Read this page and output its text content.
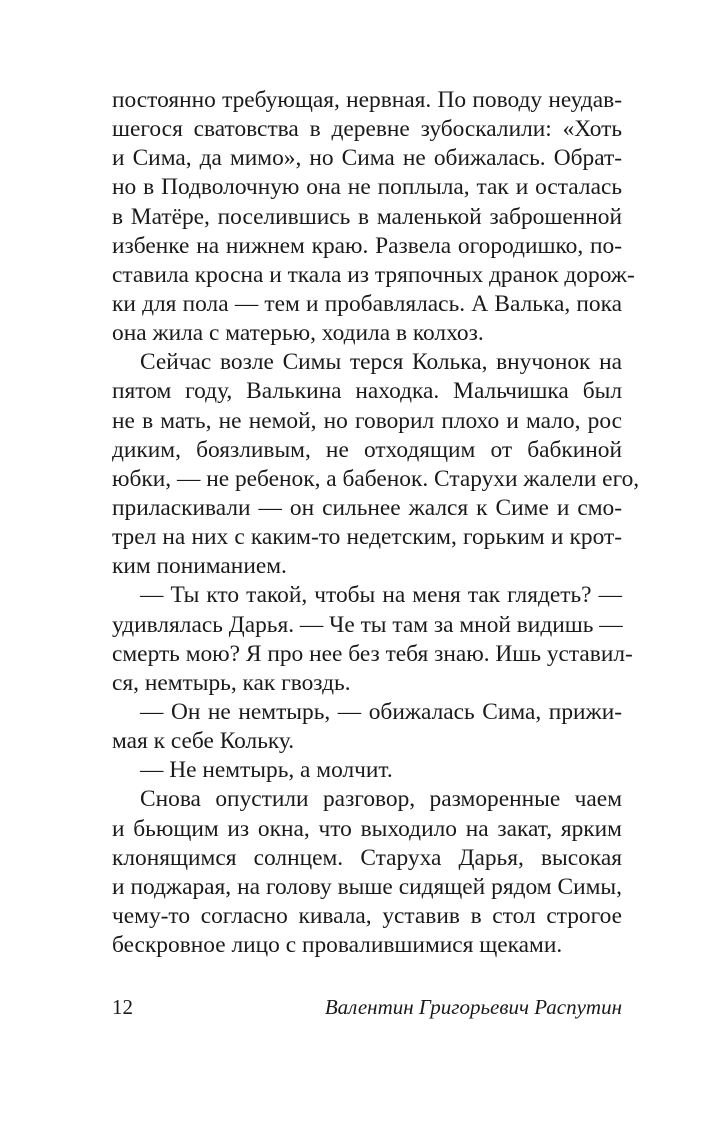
постоянно требующая, нервная. По поводу неудав-
шегося сватовства в деревне зубоскалили: «Хоть
и Сима, да мимо», но Сима не обижалась. Обрат-
но в Подволочную она не поплыла, так и осталась
в Матёре, поселившись в маленькой заброшенной
избенке на нижнем краю. Развела огородишко, по-
ставила кросна и ткала из тряпочных дранок дорож-
ки для пола — тем и пробавлялась. А Валька, пока
она жила с матерью, ходила в колхоз.
Сейчас возле Симы терся Колька, внучонок на
пятом году, Валькина находка. Мальчишка был
не в мать, не немой, но говорил плохо и мало, рос
диким, боязливым, не отходящим от бабкиной
юбки, — не ребенок, а бабенок. Старухи жалели его,
приласкивали — он сильнее жался к Симе и смо-
трел на них с каким-то недетским, горьким и крот-
ким пониманием.
— Ты кто такой, чтобы на меня так глядеть? —
удивлялась Дарья. — Че ты там за мной видишь —
смерть мою? Я про нее без тебя знаю. Ишь уставил-
ся, немтырь, как гвоздь.
— Он не немтырь, — обижалась Сима, прижи-
мая к себе Кольку.
— Не немтырь, а молчит.
Снова опустили разговор, разморенные чаем
и бьющим из окна, что выходило на закат, ярким
клонящимся солнцем. Старуха Дарья, высокая
и поджарая, на голову выше сидящей рядом Симы,
чему-то согласно кивала, уставив в стол строгое
бескровное лицо с провалившимися щеками.
12	Валентин Григорьевич Распутин
